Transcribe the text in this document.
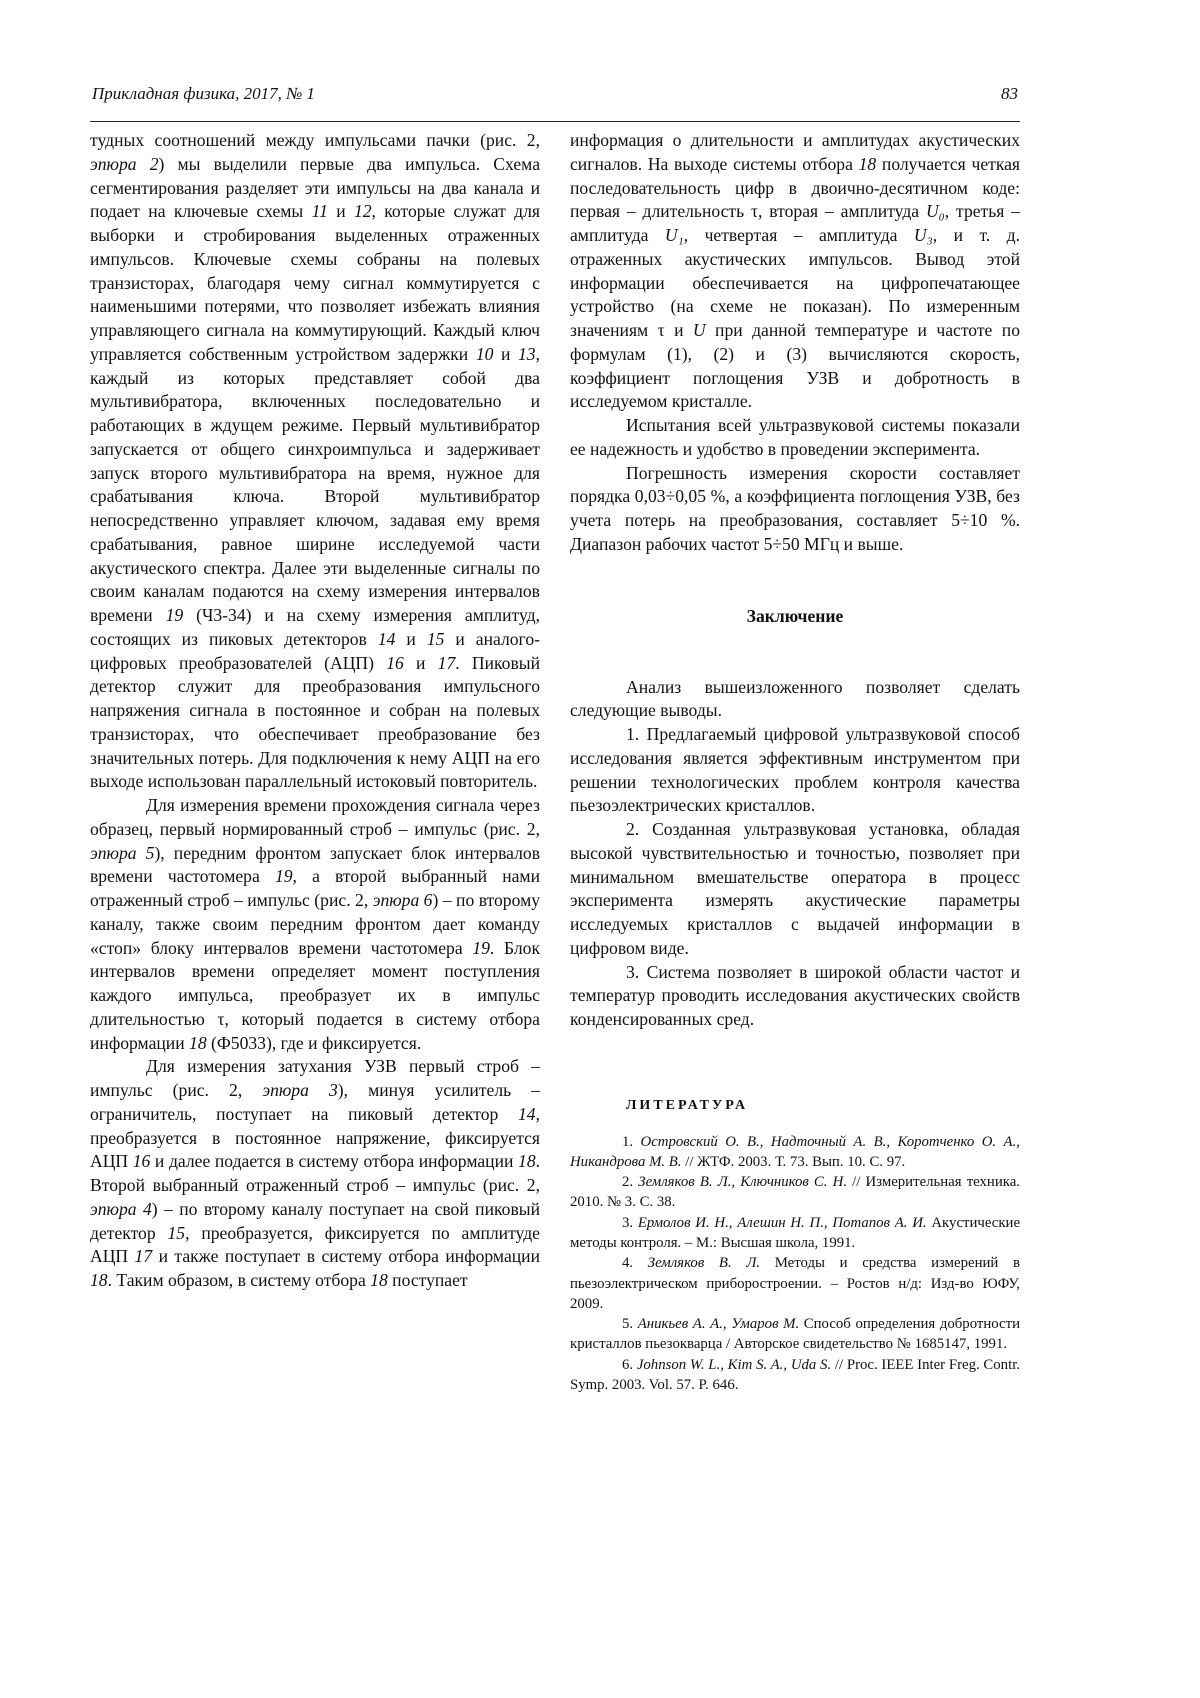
Прикладная физика, 2017, № 1	83

тудных соотношений между импульсами пачки (рис. 2, эпюра 2) мы выделили первые два импульса. Схема сегментирования разделяет эти импульсы на два канала и подает на ключевые схемы 11 и 12, которые служат для выборки и стробирования выделенных отраженных импульсов. Ключевые схемы собраны на полевых транзисторах, благодаря чему сигнал коммутируется с наименьшими потерями, что позволяет избежать влияния управляющего сигнала на коммутирующий. Каждый ключ управляется собственным устройством задержки 10 и 13, каждый из которых представляет собой два мультивибратора, включенных последовательно и работающих в ждущем режиме. Первый мультивибратор запускается от общего синхроимпульса и задерживает запуск второго мультивибратора на время, нужное для срабатывания ключа. Второй мультивибратор непосредственно управляет ключом, задавая ему время срабатывания, равное ширине исследуемой части акустического спектра. Далее эти выделенные сигналы по своим каналам подаются на схему измерения интервалов времени 19 (Ч3-34) и на схему измерения амплитуд, состоящих из пиковых детекторов 14 и 15 и аналого-цифровых преобразователей (АЦП) 16 и 17. Пиковый детектор служит для преобразования импульсного напряжения сигнала в постоянное и собран на полевых транзисторах, что обеспечивает преобразование без значительных потерь. Для подключения к нему АЦП на его выходе использован параллельный истоковый повторитель.

Для измерения времени прохождения сигнала через образец, первый нормированный строб – импульс (рис. 2, эпюра 5), передним фронтом запускает блок интервалов времени частотомера 19, а второй выбранный нами отраженный строб – импульс (рис. 2, эпюра 6) – по второму каналу, также своим передним фронтом дает команду «стоп» блоку интервалов времени частотомера 19. Блок интервалов времени определяет момент поступления каждого импульса, преобразует их в импульс длительностью τ, который подается в систему отбора информации 18 (Ф5033), где и фиксируется.

Для измерения затухания УЗВ первый строб – импульс (рис. 2, эпюра 3), минуя усилитель – ограничитель, поступает на пиковый детектор 14, преобразуется в постоянное напряжение, фиксируется АЦП 16 и далее подается в систему отбора информации 18. Второй выбранный отраженный строб – импульс (рис. 2, эпюра 4) – по второму каналу поступает на свой пиковый детектор 15, преобразуется, фиксируется по амплитуде АЦП 17 и также поступает в систему отбора информации 18. Таким образом, в систему отбора 18 поступает

информация о длительности и амплитудах акустических сигналов. На выходе системы отбора 18 получается четкая последовательность цифр в двоично-десятичном коде: первая – длительность τ, вторая – амплитуда U₀, третья – амплитуда U₁, четвертая – амплитуда U₃, и т. д. отраженных акустических импульсов. Вывод этой информации обеспечивается на цифропечатающее устройство (на схеме не показан). По измеренным значениям τ и U при данной температуре и частоте по формулам (1), (2) и (3) вычисляются скорость, коэффициент поглощения УЗВ и добротность в исследуемом кристалле.

Испытания всей ультразвуковой системы показали ее надежность и удобство в проведении эксперимента.

Погрешность измерения скорости составляет порядка 0,03÷0,05 %, а коэффициента поглощения УЗВ, без учета потерь на преобразования, составляет 5÷10 %. Диапазон рабочих частот 5÷50 МГц и выше.

Заключение

Анализ вышеизложенного позволяет сделать следующие выводы.

1. Предлагаемый цифровой ультразвуковой способ исследования является эффективным инструментом при решении технологических проблем контроля качества пьезоэлектрических кристаллов.

2. Созданная ультразвуковая установка, обладая высокой чувствительностью и точностью, позволяет при минимальном вмешательстве оператора в процесс эксперимента измерять акустические параметры исследуемых кристаллов с выдачей информации в цифровом виде.

3. Система позволяет в широкой области частот и температур проводить исследования акустических свойств конденсированных сред.

ЛИТЕРАТУРА

1. Островский О. В., Надточный А. В., Коротченко О. А., Никандрова М. В. // ЖТФ. 2003. Т. 73. Вып. 10. С. 97.

2. Земляков В. Л., Ключников С. Н. // Измерительная техника. 2010. № 3. С. 38.

3. Ермолов И. Н., Алешин Н. П., Потапов А. И. Акустические методы контроля. – М.: Высшая школа, 1991.

4. Земляков В. Л. Методы и средства измерений в пьезоэлектрическом приборостроении. – Ростов н/д: Изд-во ЮФУ, 2009.

5. Аникьев А. А., Умаров М. Способ определения добротности кристаллов пьезокварца / Авторское свидетельство № 1685147, 1991.

6. Johnson W. L., Kim S. A., Uda S. // Proc. IEEE Inter Freg. Contr. Symp. 2003. Vol. 57. P. 646.
